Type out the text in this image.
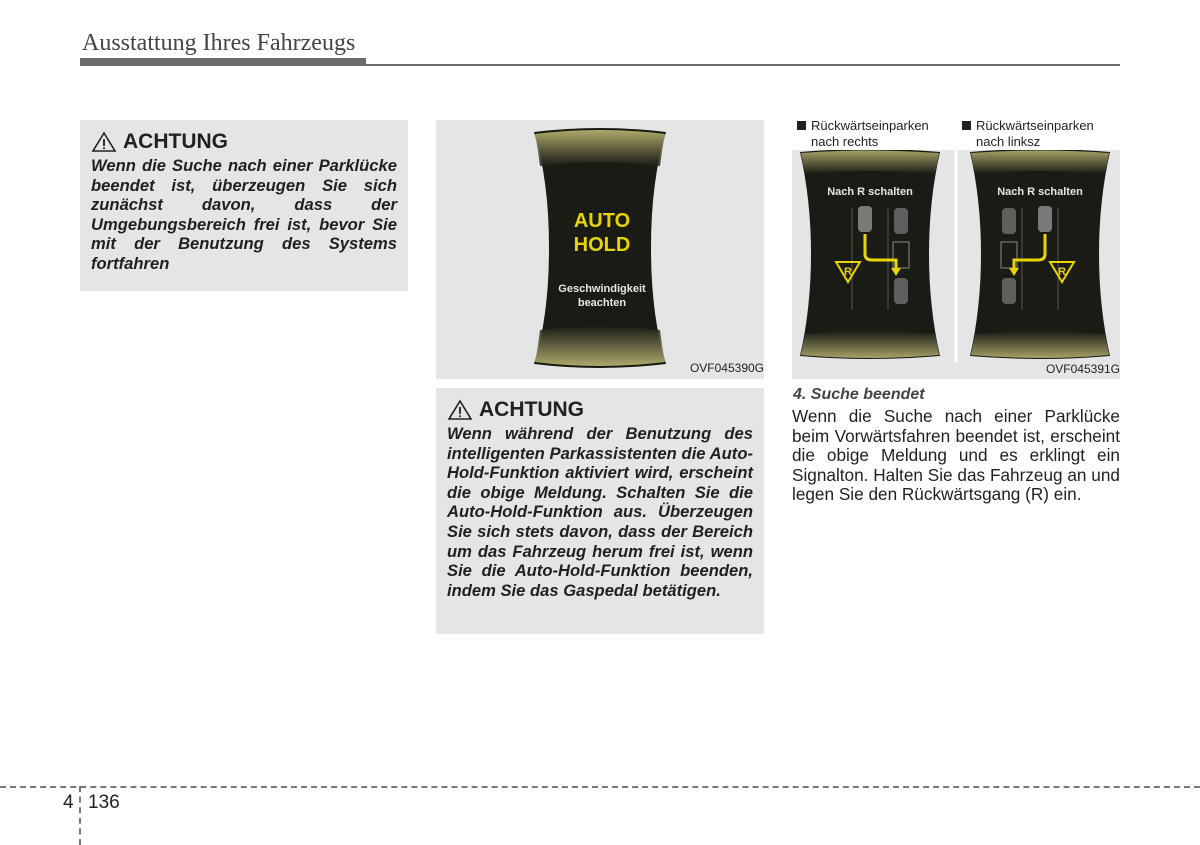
Ausstattung Ihres Fahrzeugs
ACHTUNG
Wenn die Suche nach einer Parklücke beendet ist, überzeugen Sie sich zunächst davon, dass der Umgebungsbereich frei ist, bevor Sie mit der Benutzung des Systems fortfahren
AUTO
HOLD
Geschwindigkeit
beachten
OVF045390G
ACHTUNG
Wenn während der Benutzung des intelligenten Parkassistenten die Auto-Hold-Funktion aktiviert wird, erscheint die obige Meldung. Schalten Sie die Auto-Hold-Funktion aus. Überzeugen Sie sich stets davon, dass der Bereich um das Fahrzeug herum frei ist, wenn Sie die Auto-Hold-Funktion beenden, indem Sie das Gaspedal betätigen.
Rückwärtseinparken
nach rechts
Rückwärtseinparken
nach linksz
Nach R schalten
R
Nach R schalten
R
OVF045391G
4. Suche beendet
Wenn die Suche nach einer Parklücke beim Vorwärtsfahren beendet ist, erscheint die obige Meldung und es erklingt ein Signalton. Halten Sie das Fahrzeug an und legen Sie den Rückwärtsgang (R) ein.
4 136
